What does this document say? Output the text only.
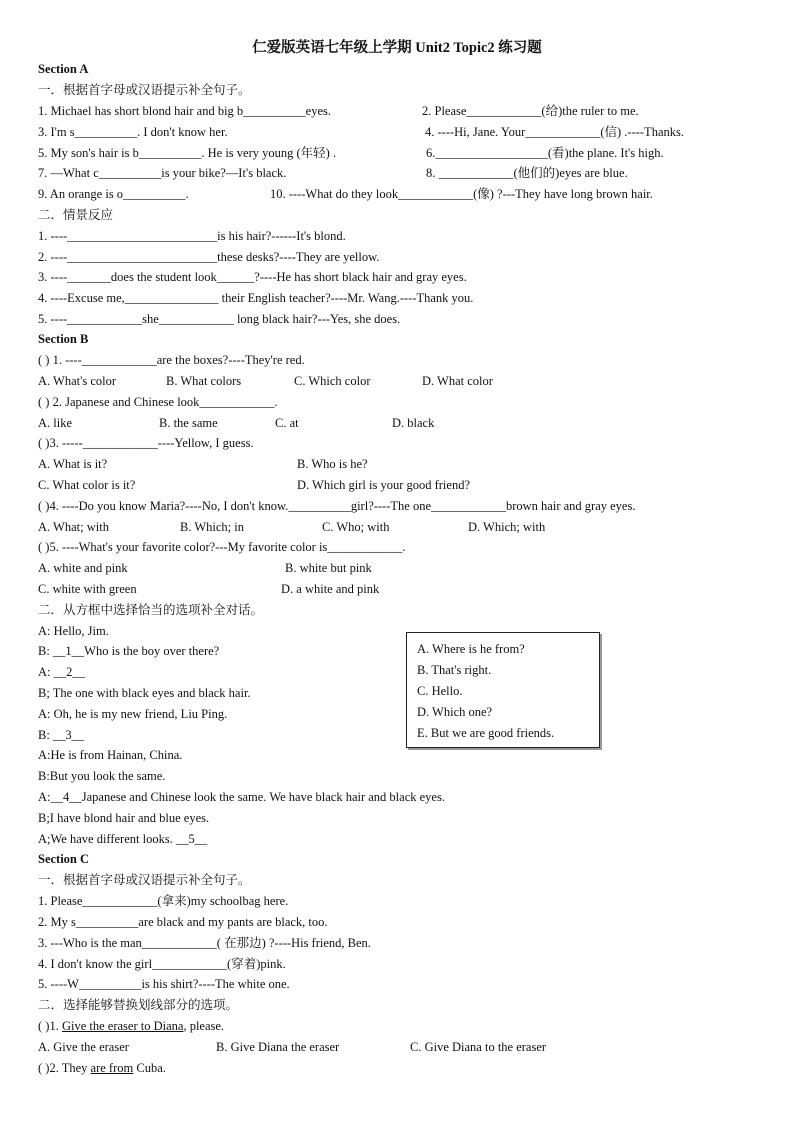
仁爱版英语七年级上学期 Unit2 Topic2 练习题
Section A
一．根据首字母或汉语提示补全句子。
1. Michael has short blond hair and big b__________eyes.	2. Please____________(给)the ruler to me.
3. I'm s__________. I don't know her.	4. ----Hi, Jane. Your____________(信) .----Thanks.
5. My son's hair is b__________. He is very young (年轻) .	6.__________________(看)the plane. It's high.
7. —What c__________is your bike?—It's black.	8. ____________(他们的)eyes are blue.
9. An orange is o__________.	10. ----What do they look____________(像) ?---They have long brown hair.
二．情景反应
1. ----________________________is his hair?------It's blond.
2. ----________________________these desks?----They are yellow.
3. ----_______does the student look______?----He has short black hair and gray eyes.
4. ----Excuse me,_______________ their English teacher?----Mr. Wang.----Thank you.
5. ----____________she____________ long black hair?---Yes, she does.
Section B
( ) 1. ----____________are the boxes?----They're red.
A. What's color	B. What colors	C. Which color	D. What color
( ) 2. Japanese and Chinese look____________.
A. like	B. the same	C. at	D. black
( )3. -----____________----Yellow, I guess.
A. What is it?	B. Who is he?
C. What color is it?	D. Which girl is your good friend?
( )4. ----Do you know Maria?----No, I don't know.__________girl?----The one____________brown hair and gray eyes.
A. What; with	B. Which; in	C. Who; with	D. Which; with
( )5. ----What's your favorite color?---My favorite color is____________.
A. white and pink	B. white but pink
C. white with green	D. a white and pink
二．从方框中选择恰当的选项补全对话。
A: Hello, Jim.
B: __1__Who is the boy over there?
A: __2__
B; The one with black eyes and black hair.
A: Oh, he is my new friend, Liu Ping.
B: __3__
A:He is from Hainan, China.
B:But you look the same.
A:__4__Japanese and Chinese look the same. We have black hair and black eyes.
B;I have blond hair and blue eyes.
A;We have different looks. __5__
A. Where is he from?
B. That's right.
C. Hello.
D. Which one?
E. But we are good friends.
Section C
一．根据首字母或汉语提示补全句子。
1. Please____________(拿来)my schoolbag here.
2. My s__________are black and my pants are black, too.
3. ---Who is the man____________( 在那边) ?----His friend, Ben.
4. I don't know the girl____________(穿着)pink.
5. ----W__________is his shirt?----The white one.
二．选择能够替换划线部分的选项。
( )1. Give the eraser to Diana, please.
A. Give the eraser	B. Give Diana the eraser	C. Give Diana to the eraser
( )2. They are from Cuba.
